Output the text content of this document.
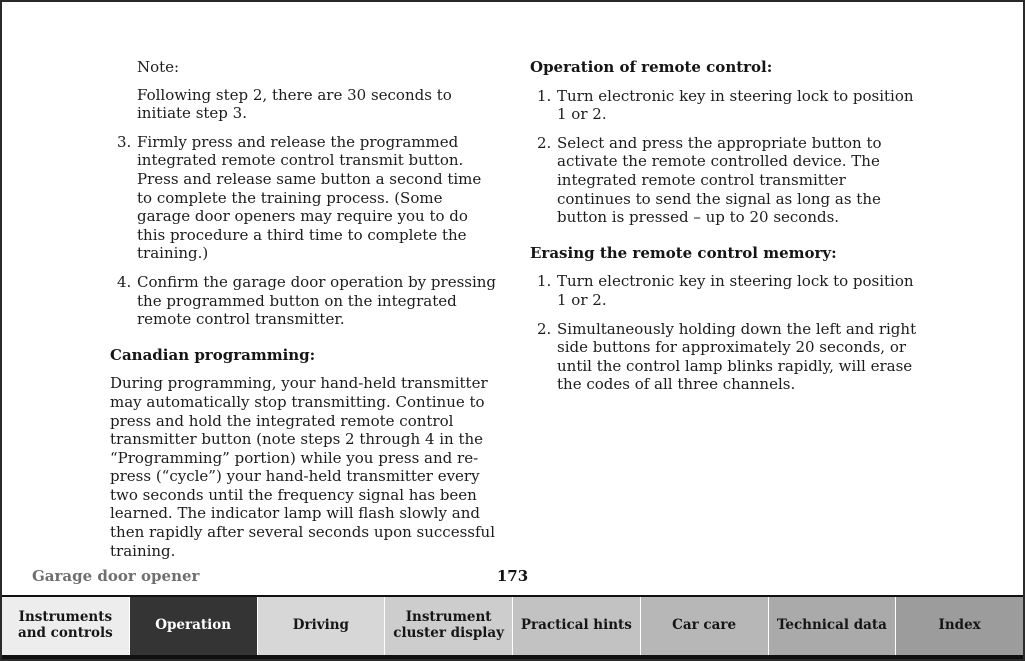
Note:

Following step 2, there are 30 seconds to initiate step 3.

3. Firmly press and release the programmed integrated remote control transmit button. Press and release same button a second time to complete the training process. (Some garage door openers may require you to do this procedure a third time to complete the training.)
4. Confirm the garage door operation by pressing the programmed button on the integrated remote control transmitter.
Canadian programming:

During programming, your hand-held transmitter may automatically stop transmitting. Continue to press and hold the integrated remote control transmitter button (note steps 2 through 4 in the “Programming” portion) while you press and re-press (“cycle”) your hand-held transmitter every two seconds until the frequency signal has been learned. The indicator lamp will flash slowly and then rapidly after several seconds upon successful training.

Operation of remote control:
1. Turn electronic key in steering lock to position 1 or 2.
2. Select and press the appropriate button to activate the remote controlled device. The integrated remote control transmitter continues to send the signal as long as the button is pressed – up to 20 seconds.
Erasing the remote control memory:
1. Turn electronic key in steering lock to position 1 or 2.
2. Simultaneously holding down the left and right side buttons for approximately 20 seconds, or until the control lamp blinks rapidly, will erase the codes of all three channels.
Garage door opener	173
Instruments and controls	Operation	Driving	Instrument cluster display	Practical hints	Car care	Technical data	Index
